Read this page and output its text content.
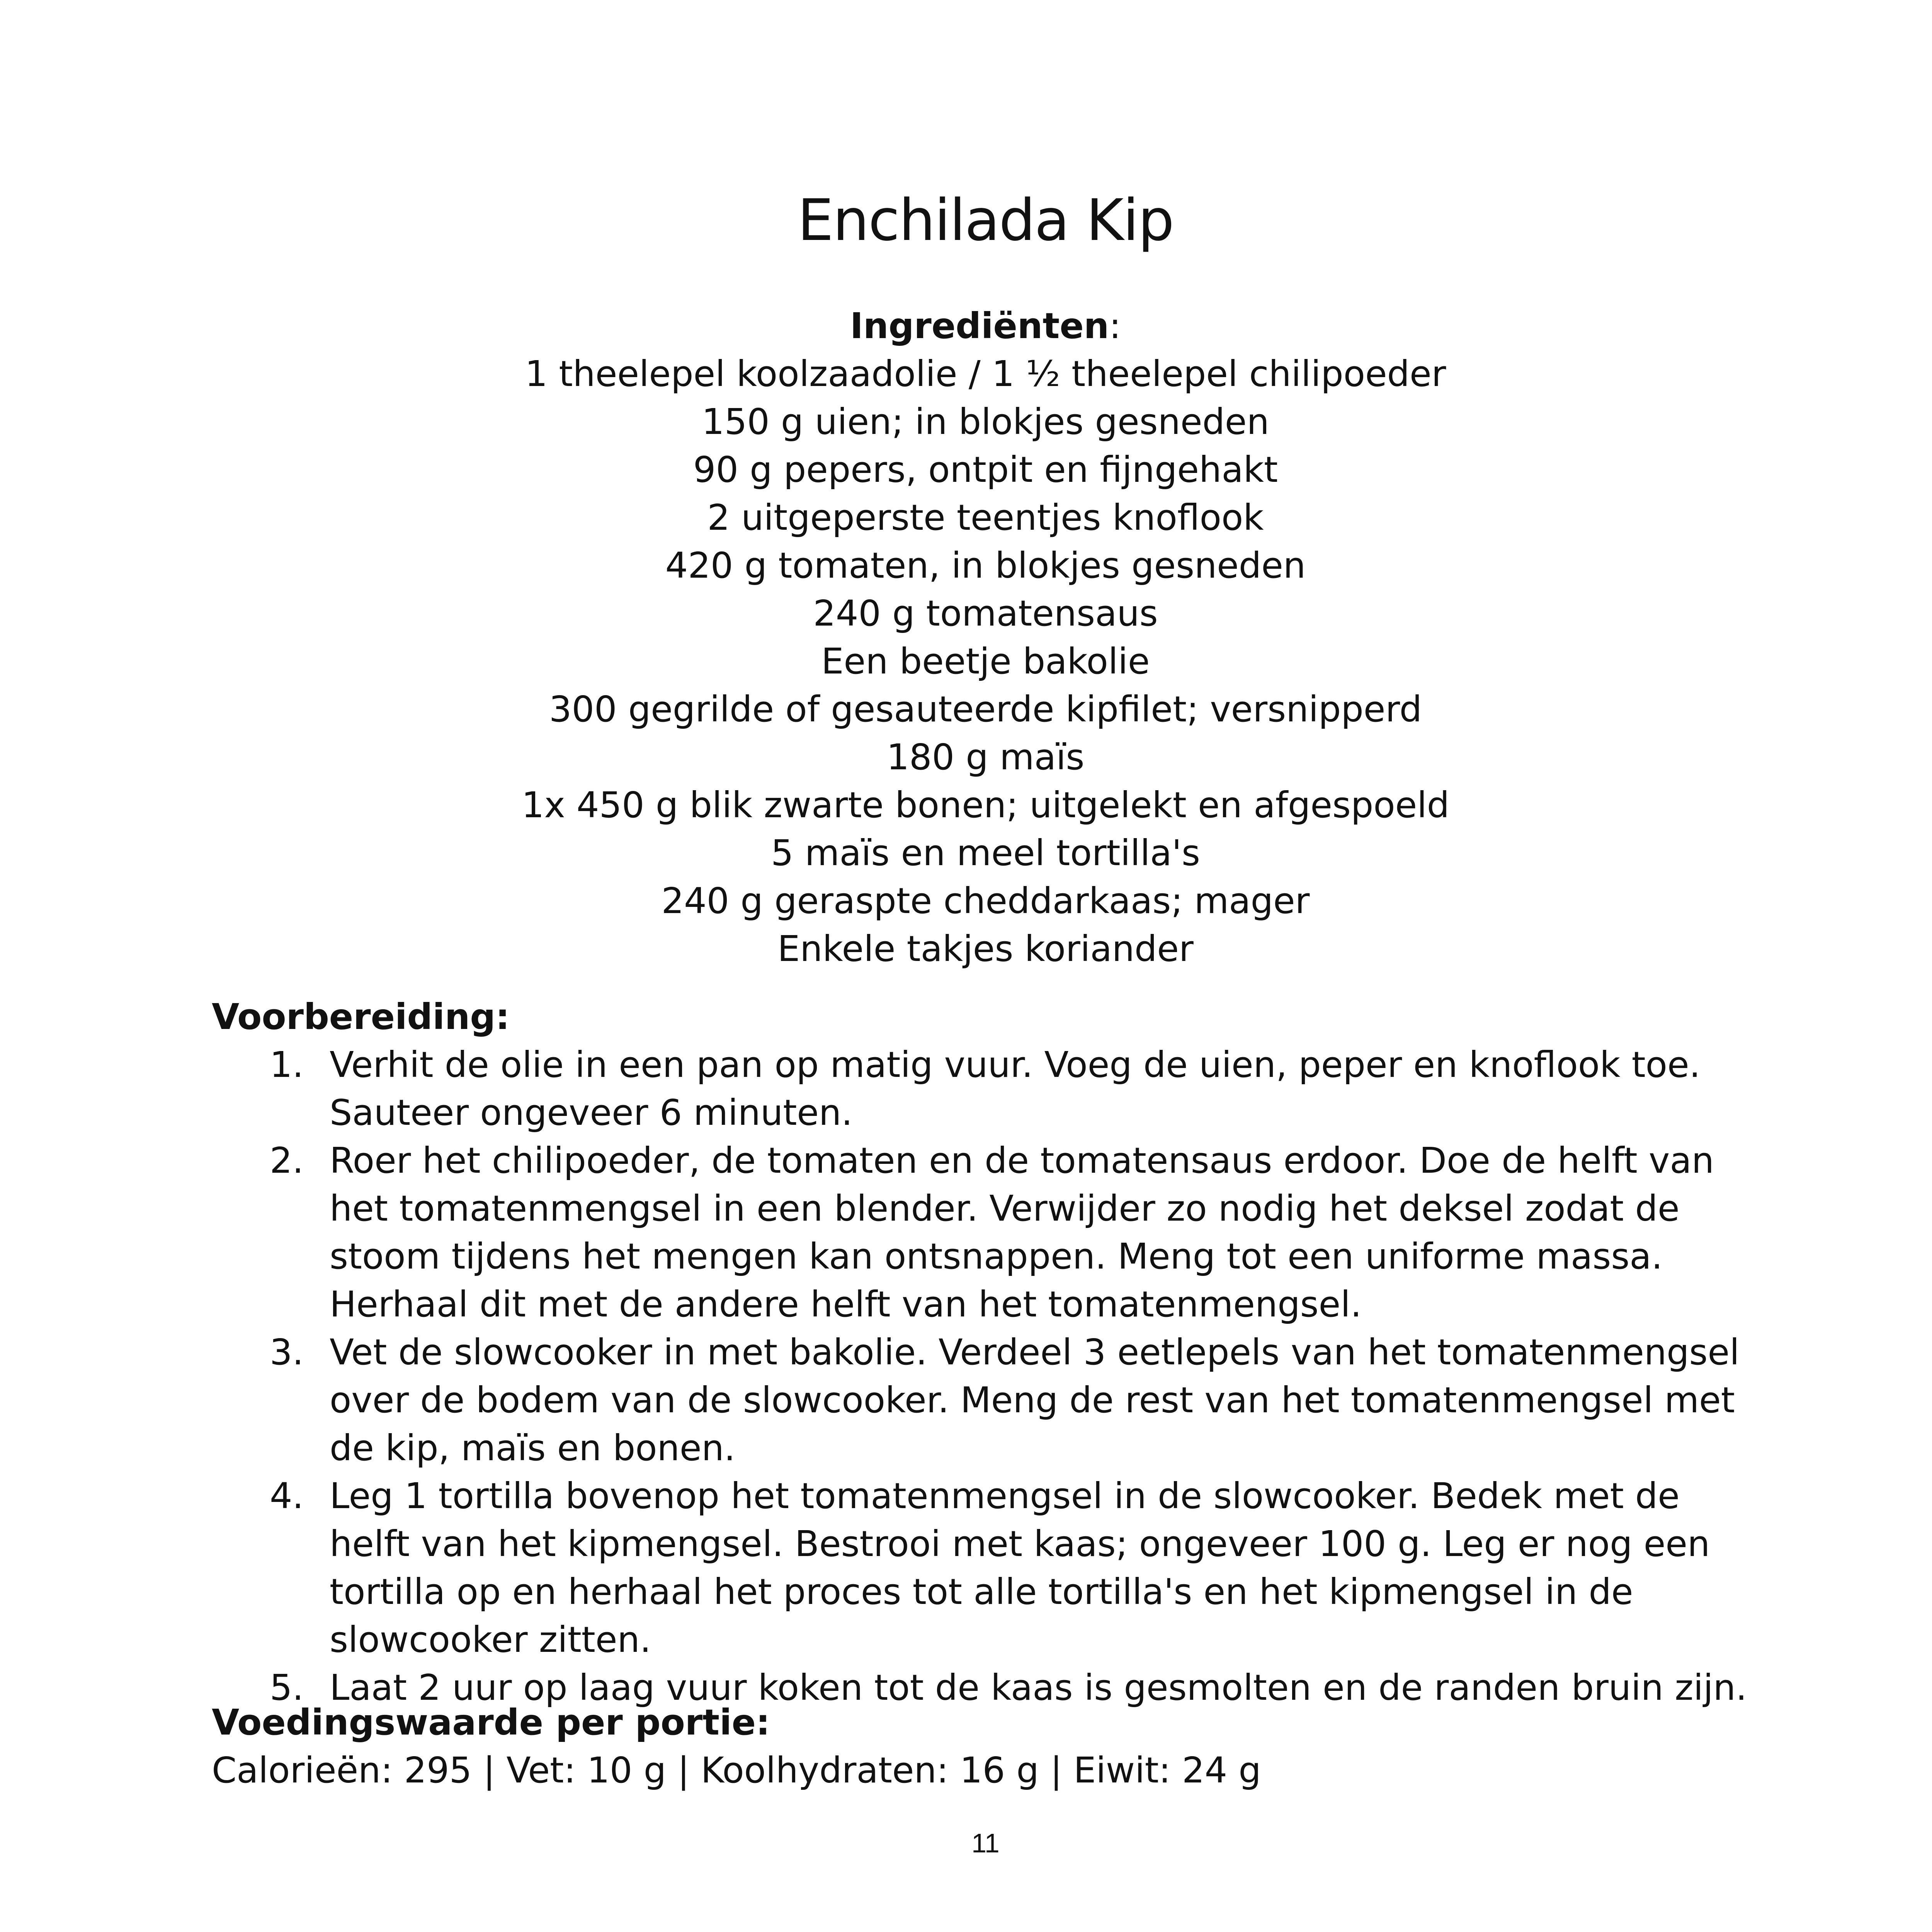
Enchilada Kip
Ingrediënten:
1 theelepel koolzaadolie / 1 ½ theelepel chilipoeder
150 g uien; in blokjes gesneden
90 g pepers, ontpit en fijngehakt
2 uitgeperste teentjes knoflook
420 g tomaten, in blokjes gesneden
240 g tomatensaus
Een beetje bakolie
300 gegrilde of gesauteerde kipfilet; versnipperd
180 g maïs
1x 450 g blik zwarte bonen; uitgelekt en afgespoeld
5 maïs en meel tortilla's
240 g geraspte cheddarkaas; mager
Enkele takjes koriander
Voorbereiding:
1. Verhit de olie in een pan op matig vuur. Voeg de uien, peper en knoflook toe.
Sauteer ongeveer 6 minuten.
2. Roer het chilipoeder, de tomaten en de tomatensaus erdoor. Doe de helft van
het tomatenmengsel in een blender. Verwijder zo nodig het deksel zodat de
stoom tijdens het mengen kan ontsnappen. Meng tot een uniforme massa.
Herhaal dit met de andere helft van het tomatenmengsel.
3. Vet de slowcooker in met bakolie. Verdeel 3 eetlepels van het tomatenmengsel
over de bodem van de slowcooker. Meng de rest van het tomatenmengsel met
de kip, maïs en bonen.
4. Leg 1 tortilla bovenop het tomatenmengsel in de slowcooker. Bedek met de
helft van het kipmengsel. Bestrooi met kaas; ongeveer 100 g. Leg er nog een
tortilla op en herhaal het proces tot alle tortilla's en het kipmengsel in de
slowcooker zitten.
5. Laat 2 uur op laag vuur koken tot de kaas is gesmolten en de randen bruin zijn.
Voedingswaarde per portie:
Calorieën: 295 | Vet: 10 g | Koolhydraten: 16 g | Eiwit: 24 g
11
